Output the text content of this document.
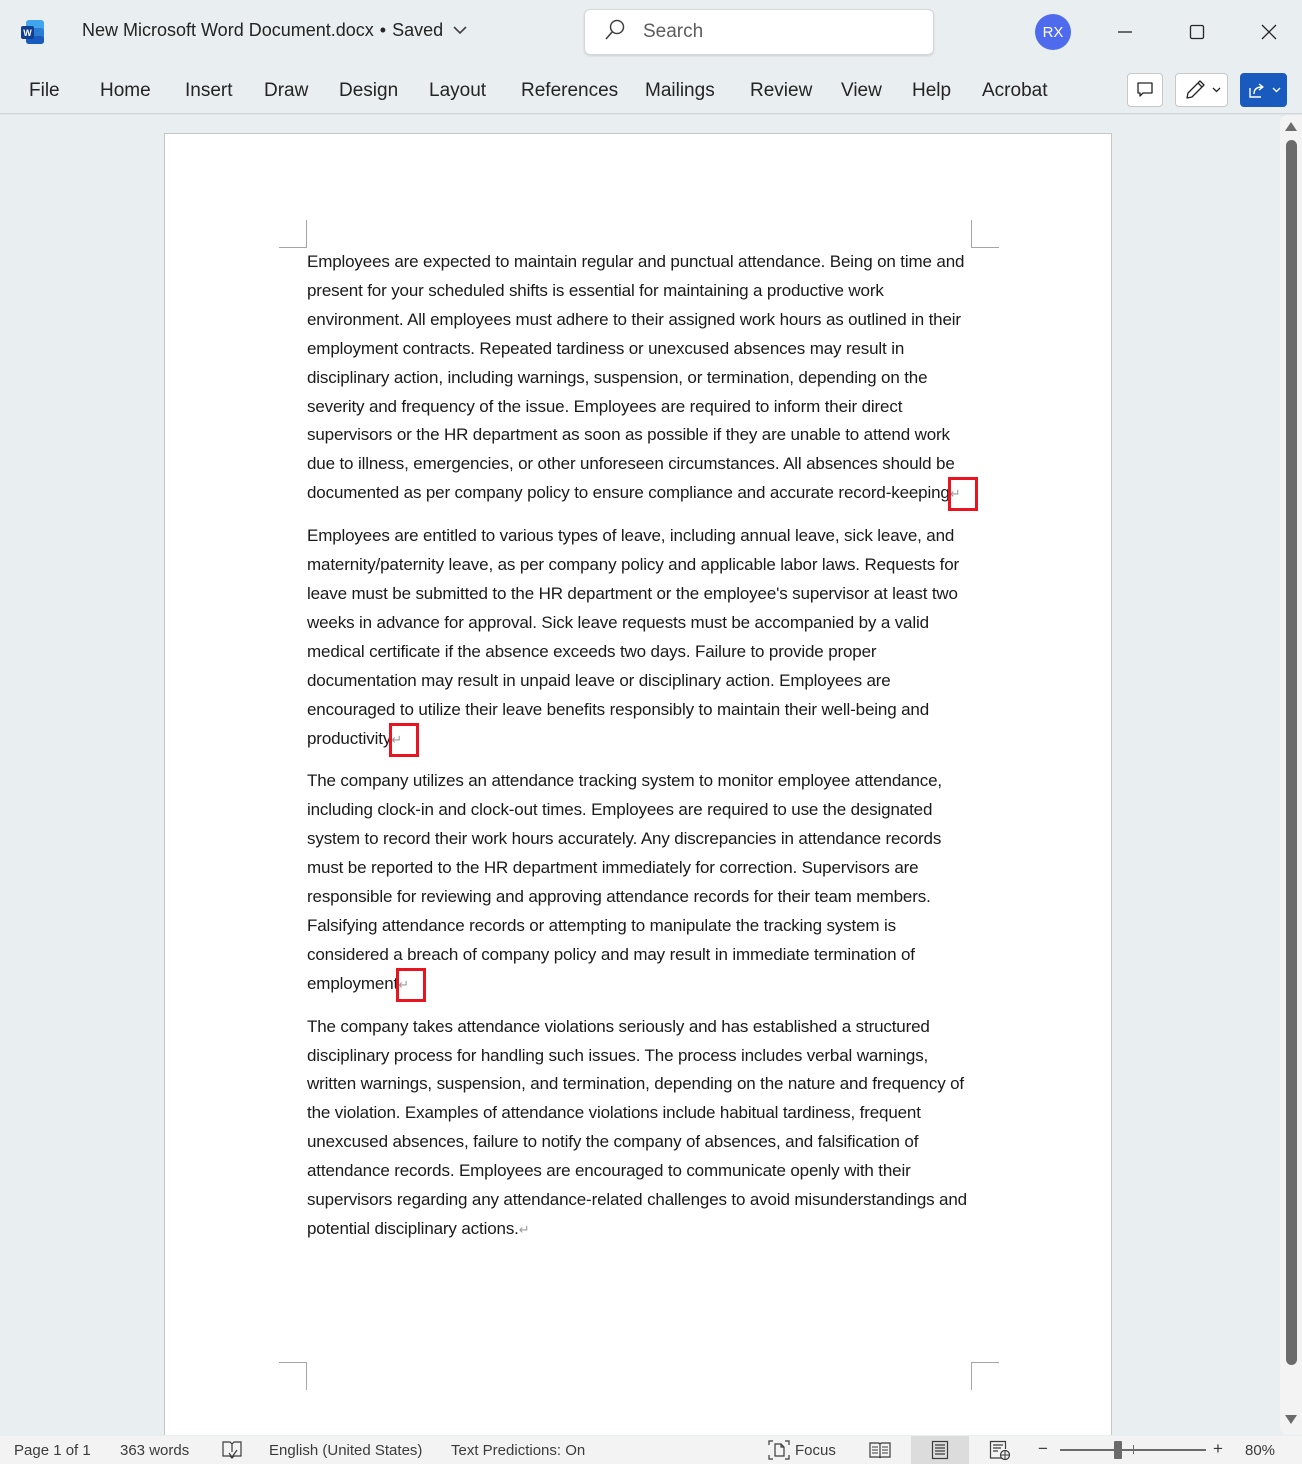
W	New Microsoft Word Document.docx • Saved	Search	RX
File Home Insert Draw Design Layout References Mailings Review View Help Acrobat

Employees are expected to maintain regular and punctual attendance. Being on time and present for your scheduled shifts is essential for maintaining a productive work environment. All employees must adhere to their assigned work hours as outlined in their employment contracts. Repeated tardiness or unexcused absences may result in disciplinary action, including warnings, suspension, or termination, depending on the severity and frequency of the issue. Employees are required to inform their direct supervisors or the HR department as soon as possible if they are unable to attend work due to illness, emergencies, or other unforeseen circumstances. All absences should be documented as per company policy to ensure compliance and accurate record-keeping↵

Employees are entitled to various types of leave, including annual leave, sick leave, and maternity/paternity leave, as per company policy and applicable labor laws. Requests for leave must be submitted to the HR department or the employee's supervisor at least two weeks in advance for approval. Sick leave requests must be accompanied by a valid medical certificate if the absence exceeds two days. Failure to provide proper documentation may result in unpaid leave or disciplinary action. Employees are encouraged to utilize their leave benefits responsibly to maintain their well-being and productivity↵

The company utilizes an attendance tracking system to monitor employee attendance, including clock-in and clock-out times. Employees are required to use the designated system to record their work hours accurately. Any discrepancies in attendance records must be reported to the HR department immediately for correction. Supervisors are responsible for reviewing and approving attendance records for their team members. Falsifying attendance records or attempting to manipulate the tracking system is considered a breach of company policy and may result in immediate termination of employment↵

The company takes attendance violations seriously and has established a structured disciplinary process for handling such issues. The process includes verbal warnings, written warnings, suspension, and termination, depending on the nature and frequency of the violation. Examples of attendance violations include habitual tardiness, frequent unexcused absences, failure to notify the company of absences, and falsification of attendance records. Employees are encouraged to communicate openly with their supervisors regarding any attendance-related challenges to avoid misunderstandings and potential disciplinary actions.↵

Page 1 of 1 363 words	English (United States) Text Predictions: On	Focus	−	+ 80%
